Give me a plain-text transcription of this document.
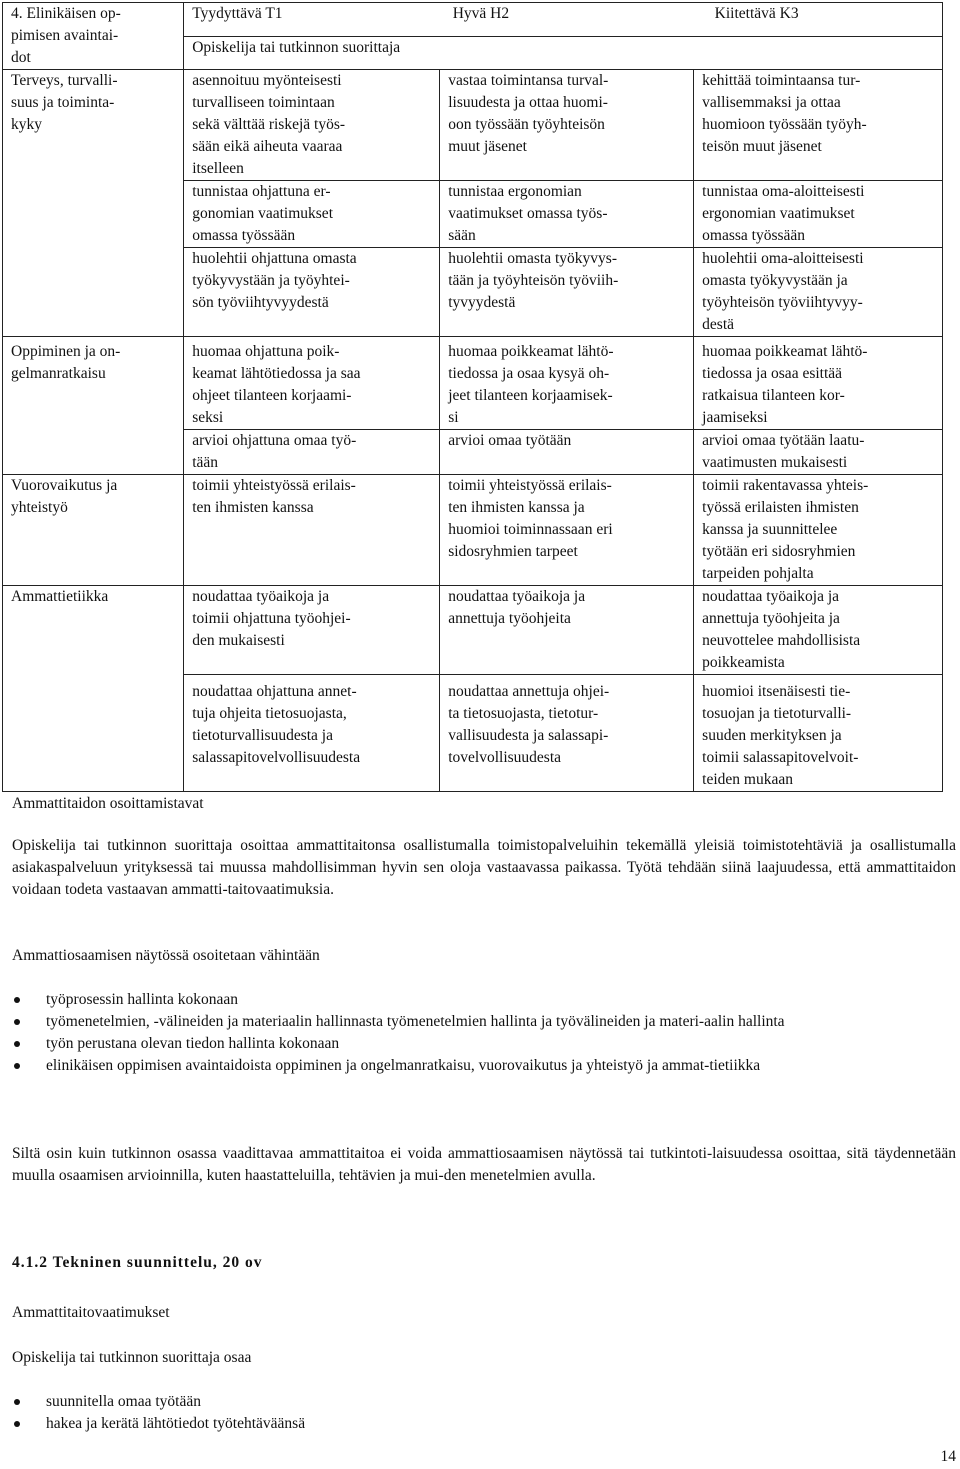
4. Elinikäisen op-
pimisen avaintai-
dot	Tyydyttävä T1	Hyvä H2	Kiitettävä K3
	Opiskelija tai tutkinnon suorittaja		

Terveys, turvalli-
suus ja toiminta-
kyky	asennoituu myönteisesti
turvalliseen toimintaan
sekä välttää riskejä työs-
sään eikä aiheuta vaaraa
itselleen	vastaa toimintansa turval-
lisuudesta ja ottaa huomi-
oon työssään työyhteisön
muut jäsenet	kehittää toimintaansa tur-
vallisemmaksi ja ottaa
huomioon työssään työyh-
teisön muut jäsenet

	tunnistaa ohjattuna er-
gonomian vaatimukset
omassa työssään	tunnistaa ergonomian
vaatimukset omassa työs-
sään	tunnistaa oma-aloitteisesti
ergonomian vaatimukset
omassa työssään

	huolehtii ohjattuna omasta
työkyvystään ja työyhtei-
sön työviihtyvyydestä	huolehtii omasta työkyvys-
tään ja työyhteisön työviih-
tyvyydestä	huolehtii oma-aloitteisesti
omasta työkyvystään ja
työyhteisön työviihtyvyy-
destä

Oppiminen ja on-
gelmanratkaisu	huomaa ohjattuna poik-
keamat lähtötiedossa ja saa
ohjeet tilanteen korjaami-
seksi	huomaa poikkeamat lähtö-
tiedossa ja osaa kysyä oh-
jeet tilanteen korjaamisek-
si	huomaa poikkeamat lähtö-
tiedossa ja osaa esittää
ratkaisua tilanteen kor-
jaamiseksi

	arvioi ohjattuna omaa työ-
tään	arvioi omaa työtään	arvioi omaa työtään laatu-
vaatimusten mukaisesti

Vuorovaikutus ja
yhteistyö	toimii yhteistyössä erilais-
ten ihmisten kanssa	toimii yhteistyössä erilais-
ten ihmisten kanssa ja
huomioi toiminnassaan eri
sidosryhmien tarpeet	toimii rakentavassa yhteis-
työssä erilaisten ihmisten
kanssa ja suunnittelee
työtään eri sidosryhmien
tarpeiden pohjalta

Ammattietiikka	noudattaa työaikoja ja
toimii ohjattuna työohjei-
den mukaisesti	noudattaa työaikoja ja
annettuja työohjeita	noudattaa työaikoja ja
annettuja työohjeita ja
neuvottelee mahdollisista
poikkeamista

	noudattaa ohjattuna annet-
tuja ohjeita tietosuojasta,
tietoturvallisuudesta ja
salassapitovelvollisuudesta	noudattaa annettuja ohjei-
ta tietosuojasta, tietotur-
vallisuudesta ja salassapi-
tovelvollisuudesta	huomioi itsenäisesti tie-
tosuojan ja tietoturvalli-
suuden merkityksen ja
toimii salassapitovelvoit-
teiden mukaan

Ammattitaidon osoittamistavat

Opiskelija tai tutkinnon suorittaja osoittaa ammattitaitonsa osallistumalla toimistopalveluihin tekemällä yleisiä toimistotehtäviä ja osallistumalla asiakaspalveluun yrityksessä tai muussa mahdollisimman hyvin sen oloja vastaavassa paikassa. Työtä tehdään siinä laajuudessa, että ammattitaidon voidaan todeta vastaavan ammatti-taitovaatimuksia.

Ammattiosaamisen näytössä osoitetaan vähintään

työprosessin hallinta kokonaan
työmenetelmien, -välineiden ja materiaalin hallinnasta työmenetelmien hallinta ja työvälineiden ja materi-aalin hallinta
työn perustana olevan tiedon hallinta kokonaan
elinikäisen oppimisen avaintaidoista oppiminen ja ongelmanratkaisu, vuorovaikutus ja yhteistyö ja ammat-tietiikka

Siltä osin kuin tutkinnon osassa vaadittavaa ammattitaitoa ei voida ammattiosaamisen näytössä tai tutkintoti-laisuudessa osoittaa, sitä täydennetään muulla osaamisen arvioinnilla, kuten haastatteluilla, tehtävien ja mui-den menetelmien avulla.

4.1.2 Tekninen suunnittelu, 20 ov

Ammattitaitovaatimukset

Opiskelija tai tutkinnon suorittaja osaa

suunnitella omaa työtään
hakea ja kerätä lähtötiedot työtehtäväänsä
14
